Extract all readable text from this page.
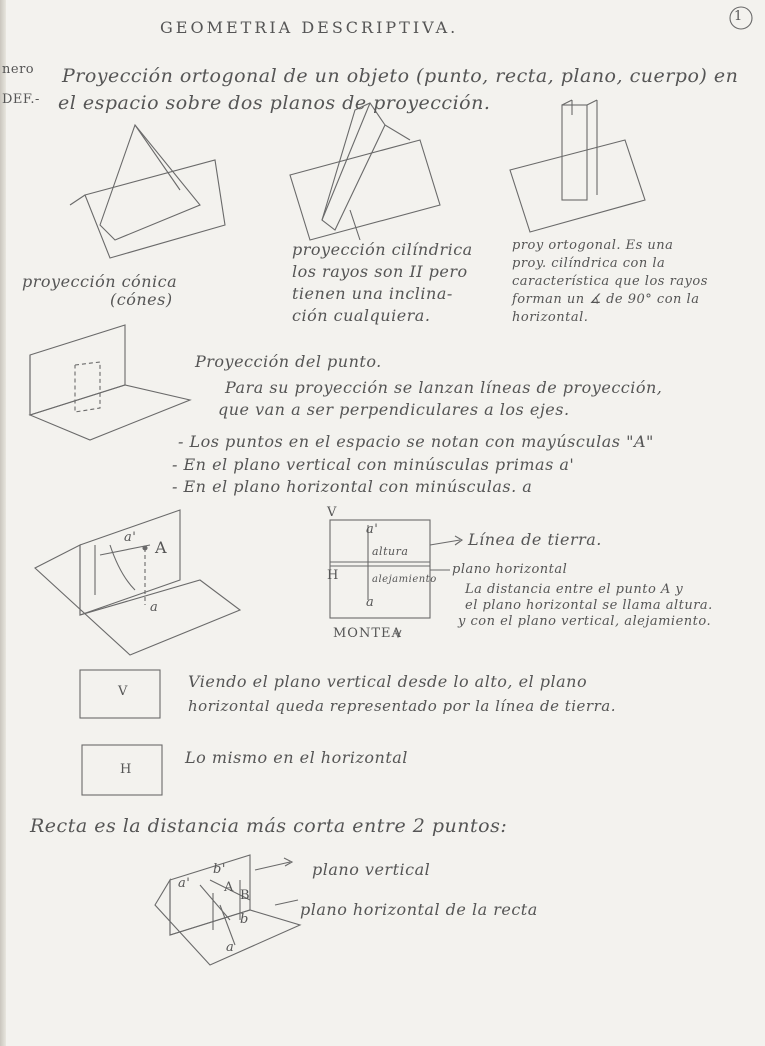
GEOMETRIA DESCRIPTIVA.
1
nero
DEF.-
Proyección ortogonal de un objeto (punto, recta, plano, cuerpo) en
el espacio sobre dos planos de proyección.
proyección cónica
(cónes)
proyección cilíndrica
los rayos son II pero
tienen una inclina-
ción cualquiera.
proy ortogonal. Es una
proy. cilíndrica con la
característica que los rayos
forman un ∡ de 90° con la
horizontal.
Proyección del punto.
Para su proyección se lanzan líneas de proyección,
que van a ser perpendiculares a los ejes.
- Los puntos en el espacio se notan con mayúsculas "A"
- En el plano vertical con minúsculas primas a'
- En el plano horizontal con minúsculas. a
A
a'
a
V
H
a'
a
altura
alejamiento
MONTEA
Línea de tierra.
plano horizontal
La distancia entre el punto A y
el plano horizontal se llama altura.
y con el plano vertical, alejamiento.
V
H
Viendo el plano vertical desde lo alto, el plano
horizontal queda representado por la línea de tierra.
Lo mismo en el horizontal
Recta es la distancia más corta entre 2 puntos:
plano vertical
plano horizontal de la recta
a'
b'
A
B
a
b
